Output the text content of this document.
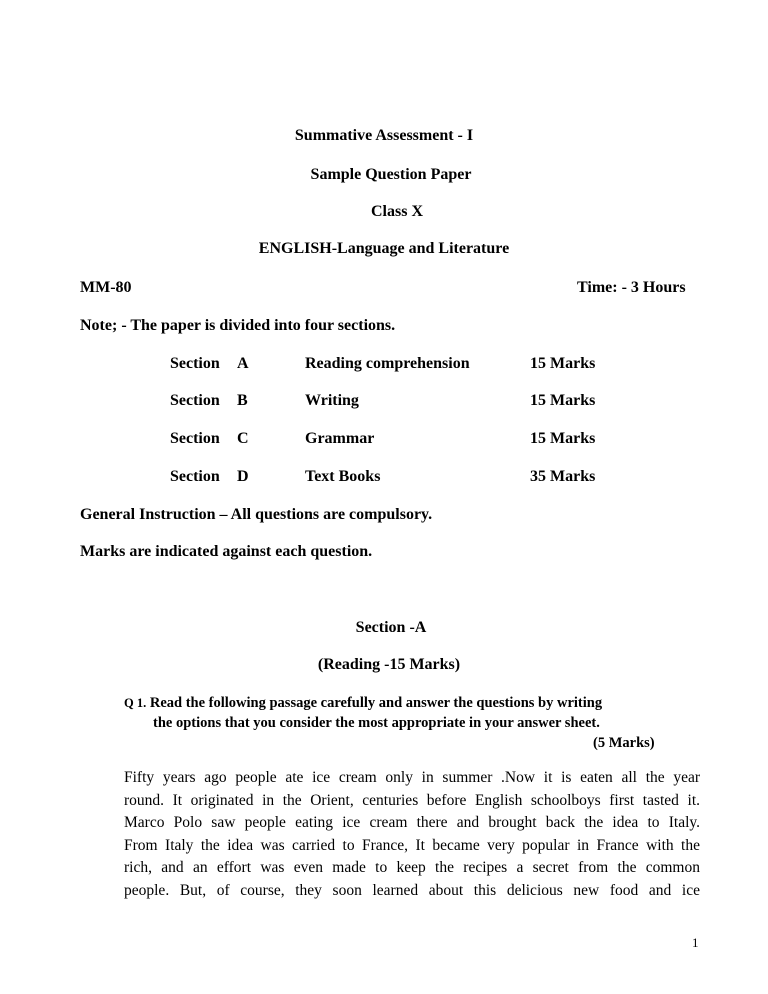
Summative Assessment - I
Sample Question Paper
Class X
ENGLISH-Language and Literature
MM-80	Time: - 3 Hours
Note; - The paper is divided into four sections.
Section A	Reading comprehension	15 Marks
Section B	Writing	15 Marks
Section C	Grammar	15 Marks
Section D	Text Books	35 Marks
General Instruction – All questions are compulsory.
Marks are indicated against each question.
Section -A
(Reading -15 Marks)
Q 1. Read the following passage carefully and answer the questions by writing
the options that you consider the most appropriate in your answer sheet.
(5 Marks)
Fifty years ago people ate ice cream only in summer .Now it is eaten all the year
round. It originated in the Orient, centuries before English schoolboys first tasted it.
Marco Polo saw people eating ice cream there and brought back the idea to Italy.
From Italy the idea was carried to France, It became very popular in France with the
rich, and an effort was even made to keep the recipes a secret from the common
people. But, of course, they soon learned about this delicious new food and ice
1
